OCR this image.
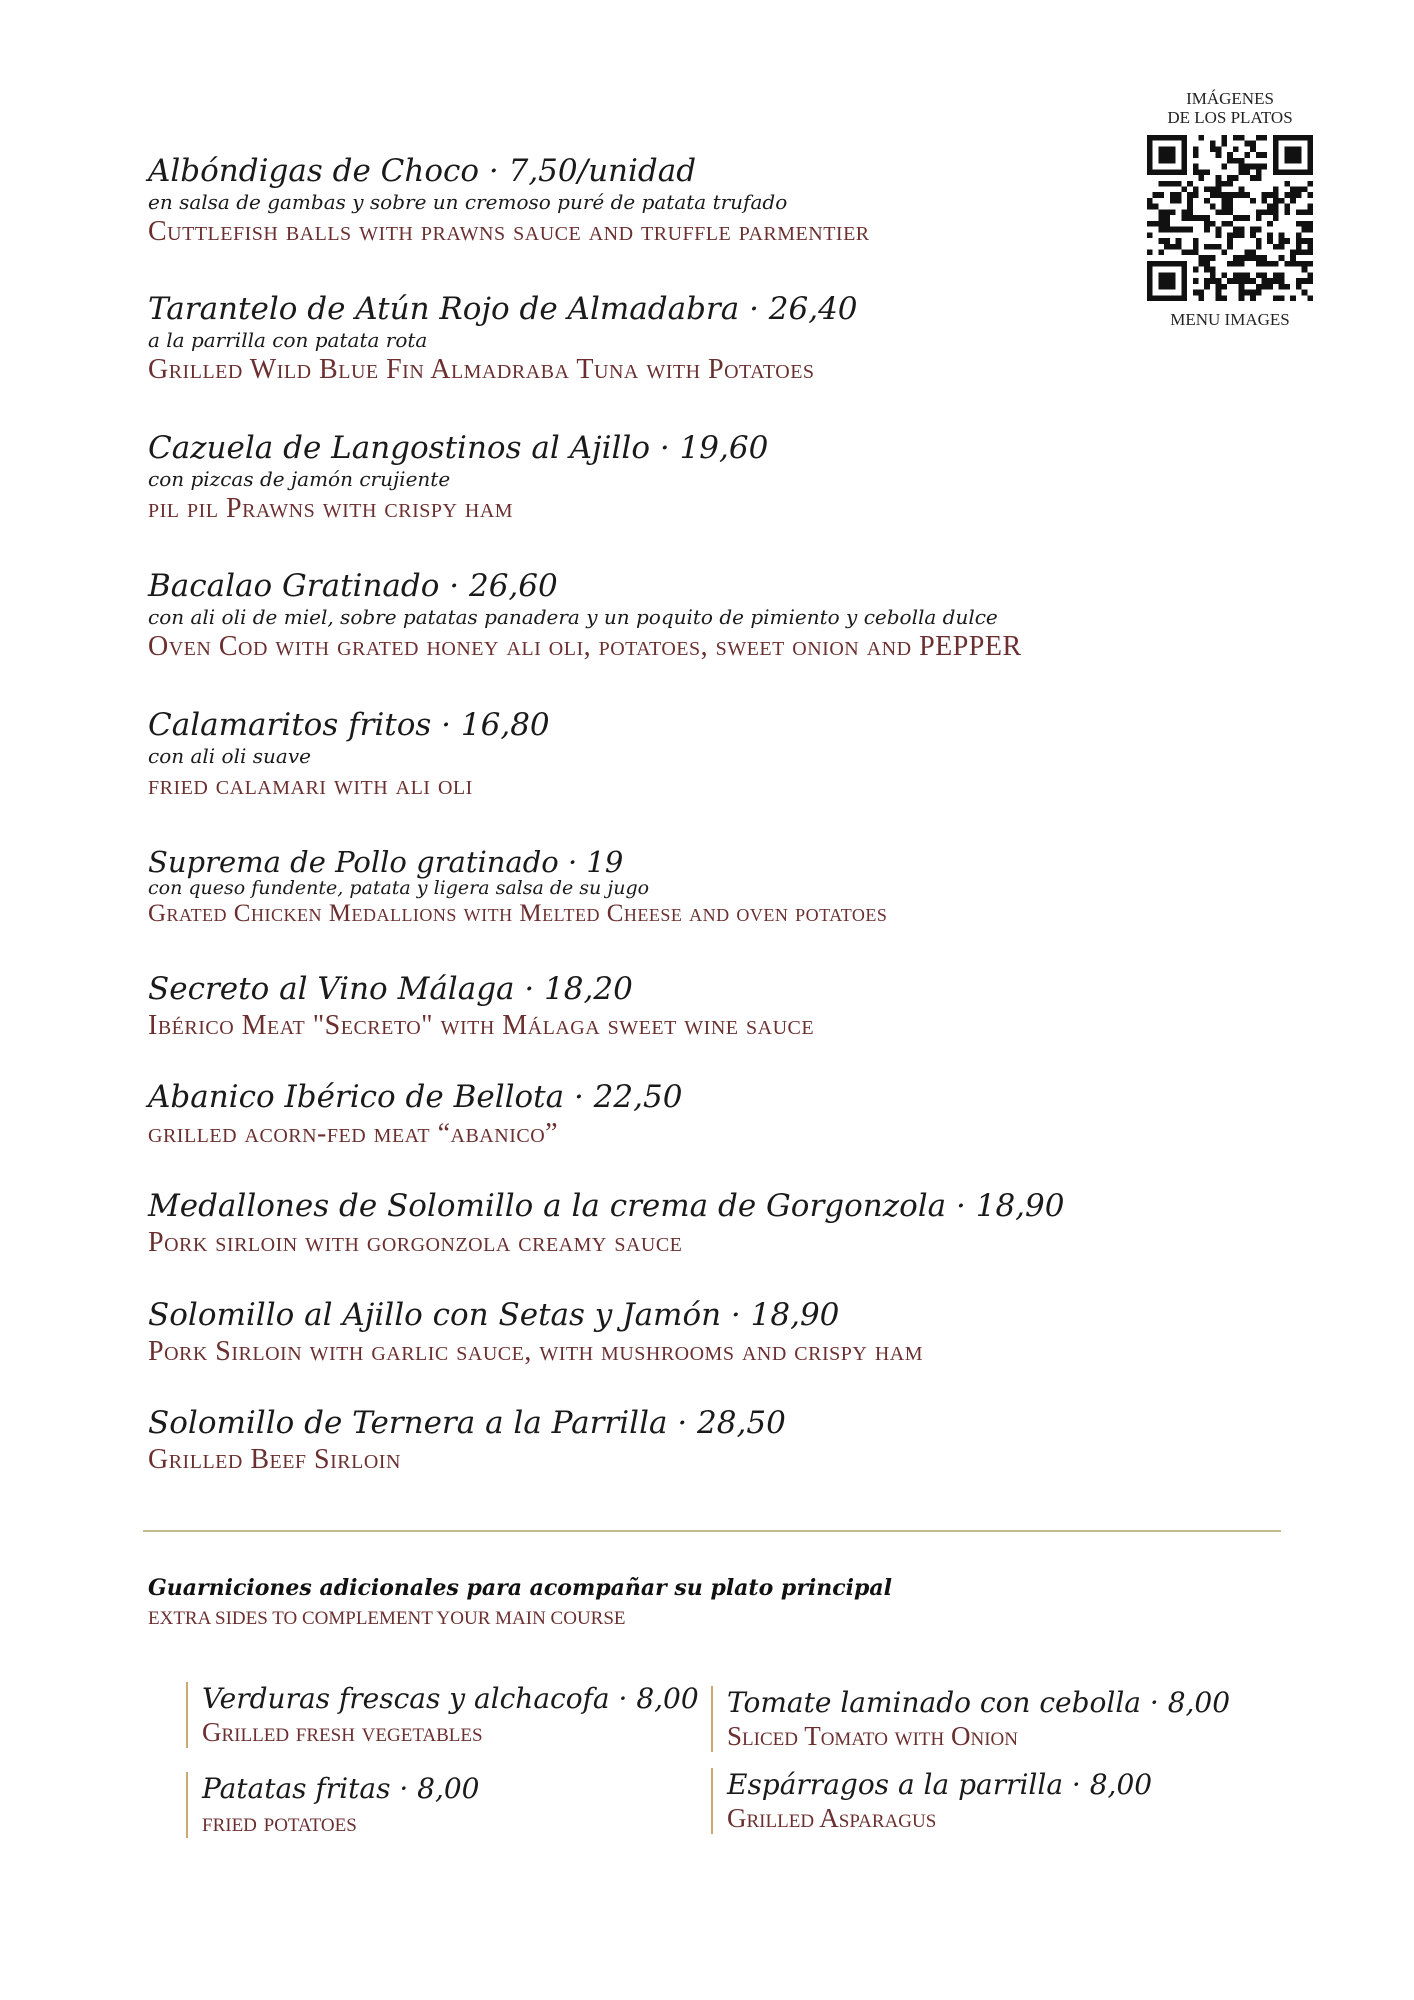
IMÁGENES
DE LOS PLATOS
MENU IMAGES
Albóndigas de Choco · 7,50/unidad
en salsa de gambas y sobre un cremoso puré de patata trufado
Cuttlefish balls with prawns sauce and truffle parmentier
Tarantelo de Atún Rojo de Almadabra · 26,40
a la parrilla con patata rota
Grilled Wild Blue Fin Almadraba Tuna with Potatoes
Cazuela de Langostinos al Ajillo · 19,60
con pizcas de jamón crujiente
pil pil Prawns with crispy ham
Bacalao Gratinado · 26,60
con ali oli de miel, sobre patatas panadera y un poquito de pimiento y cebolla dulce
Oven Cod with grated honey ali oli, potatoes, sweet onion and PEPPER
Calamaritos fritos · 16,80
con ali oli suave
fried calamari with ali oli
Suprema de Pollo gratinado · 19
con queso fundente, patata y ligera salsa de su jugo
Grated Chicken Medallions with Melted Cheese and oven potatoes
Secreto al Vino Málaga · 18,20
Ibérico Meat "Secreto" with Málaga sweet wine sauce
Abanico Ibérico de Bellota · 22,50
grilled acorn-fed meat “abanico”
Medallones de Solomillo a la crema de Gorgonzola · 18,90
Pork sirloin with gorgonzola creamy sauce
Solomillo al Ajillo con Setas y Jamón · 18,90
Pork Sirloin with garlic sauce, with mushrooms and crispy ham
Solomillo de Ternera a la Parrilla · 28,50
Grilled Beef Sirloin
Guarniciones adicionales para acompañar su plato principal
EXTRA SIDES TO COMPLEMENT YOUR MAIN COURSE
Verduras frescas y alchacofa · 8,00
Grilled fresh vegetables
Tomate laminado con cebolla · 8,00
Sliced Tomato with Onion
Patatas fritas · 8,00
fried potatoes
Espárragos a la parrilla · 8,00
Grilled Asparagus
